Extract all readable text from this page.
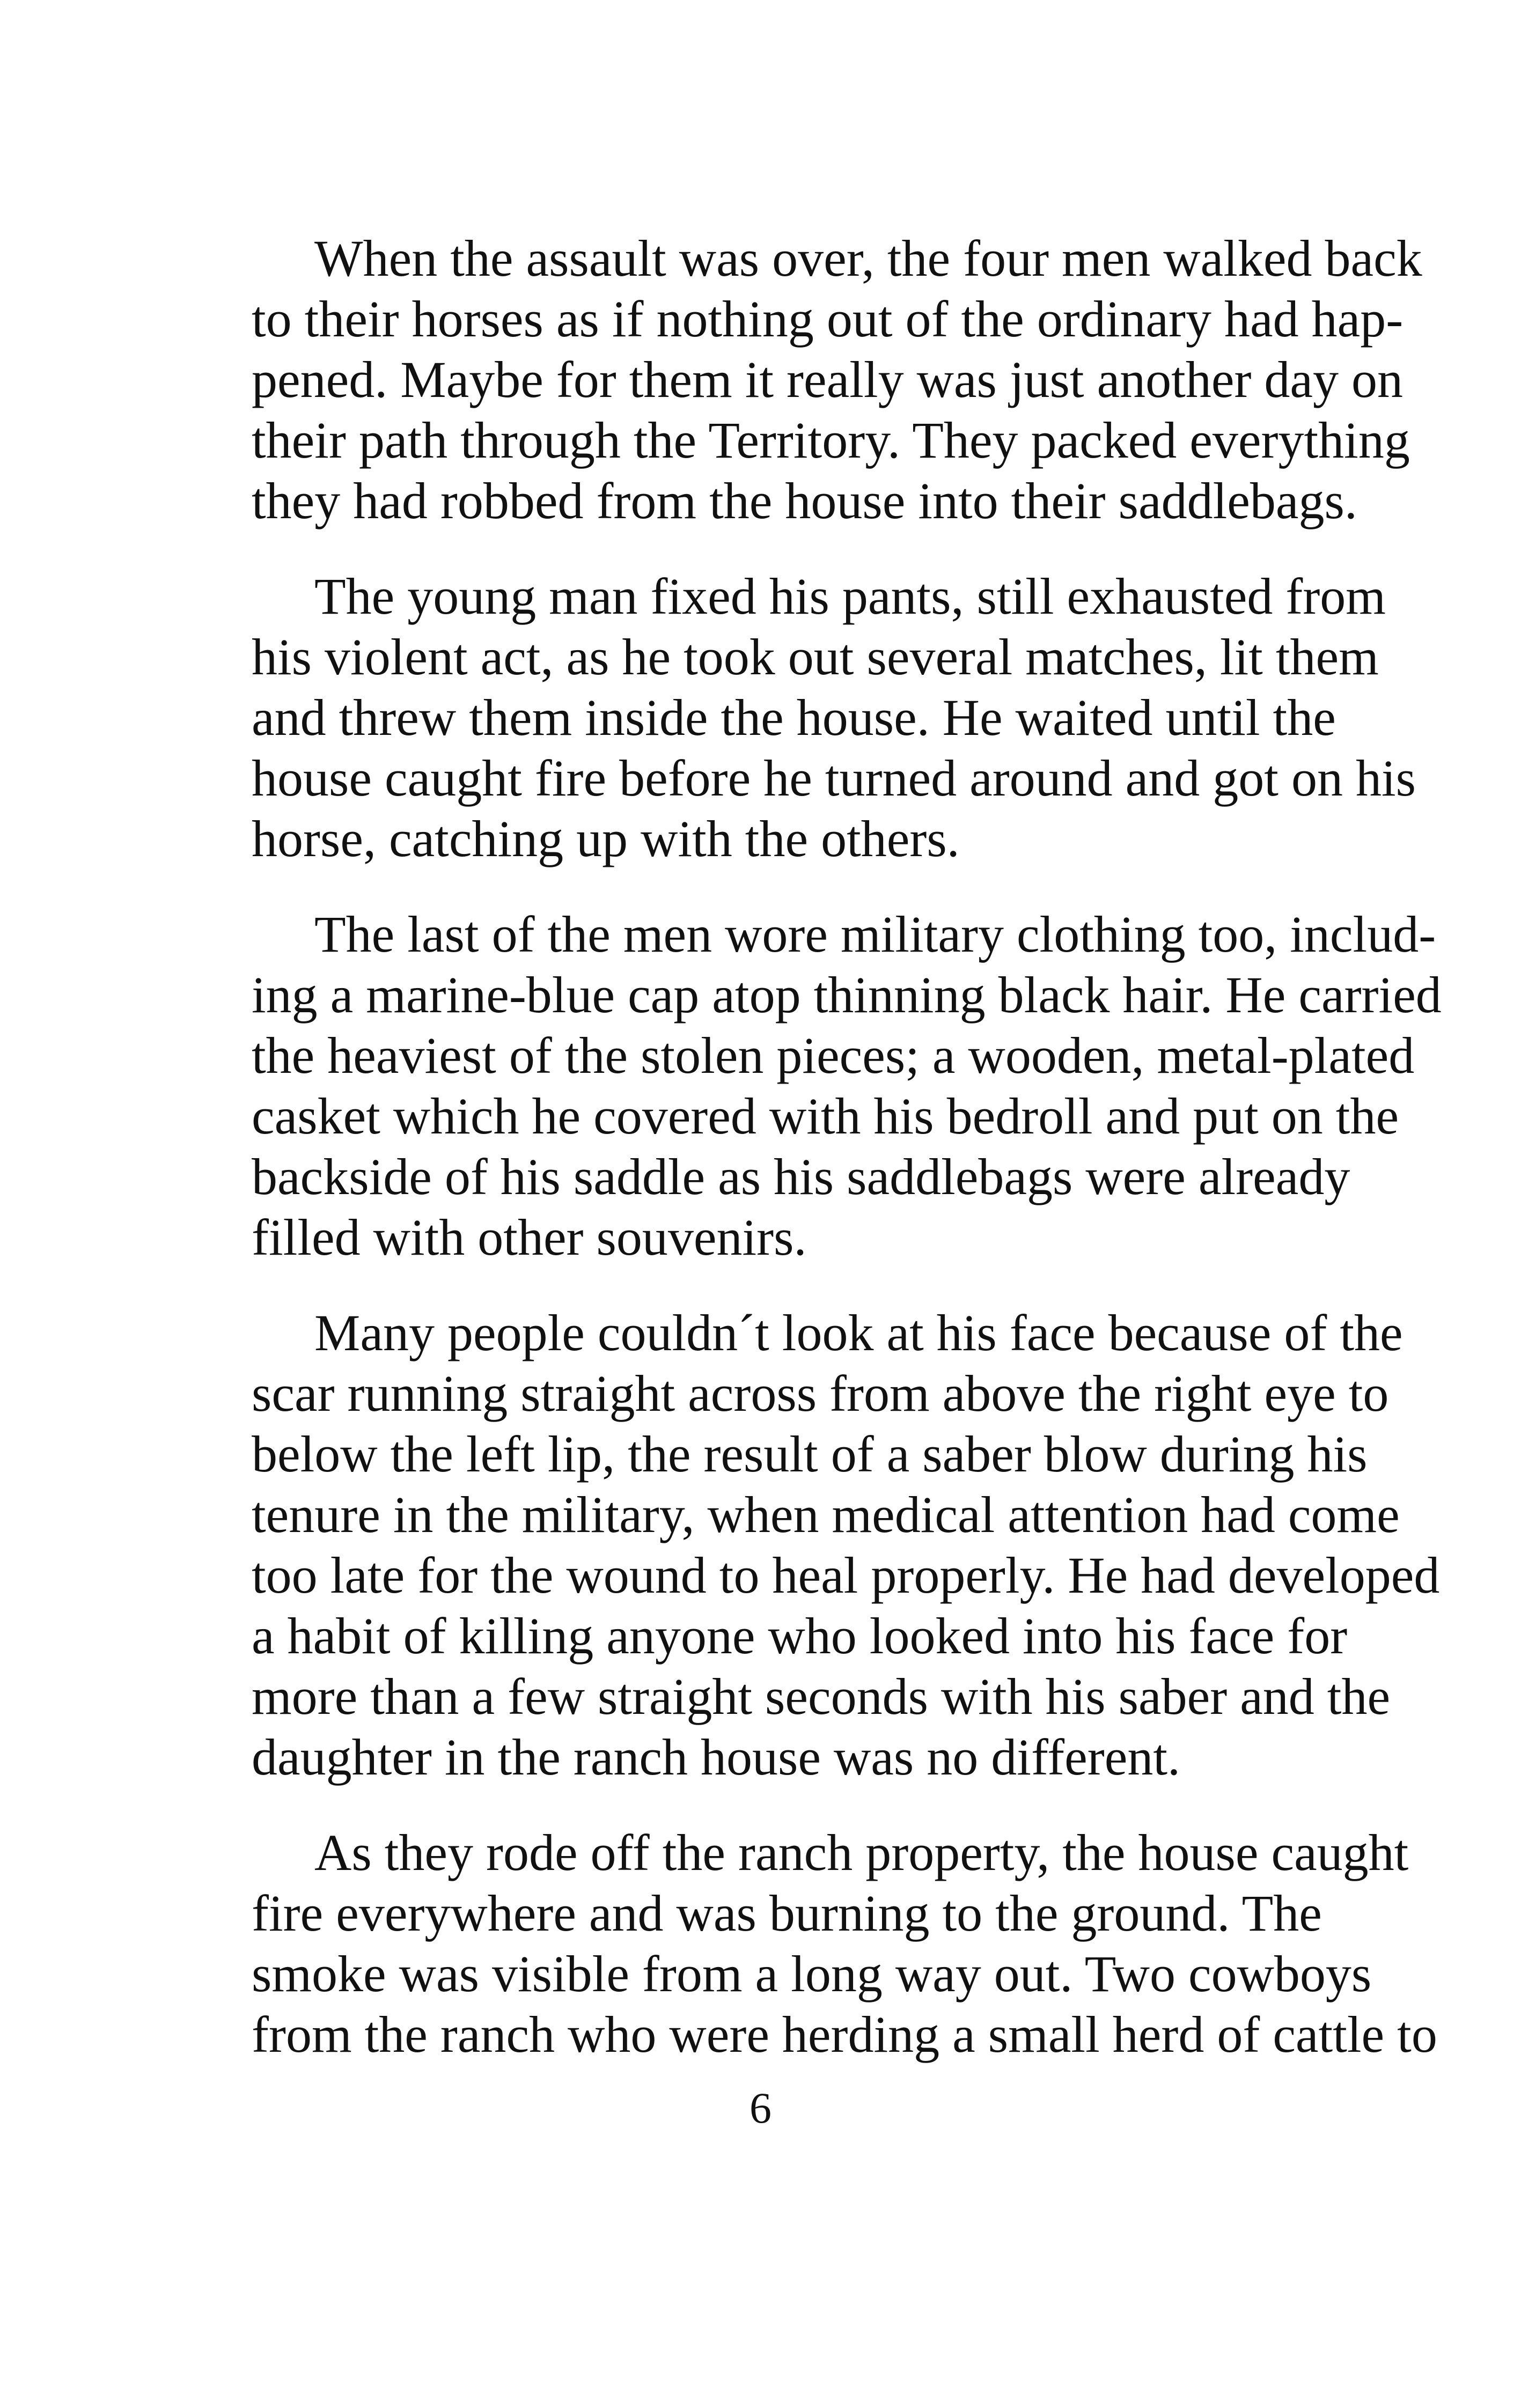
When the assault was over, the four men walked back
to their horses as if nothing out of the ordinary had hap-
pened. Maybe for them it really was just another day on
their path through the Territory. They packed everything
they had robbed from the house into their saddlebags.
The young man fixed his pants, still exhausted from
his violent act, as he took out several matches, lit them
and threw them inside the house. He waited until the
house caught fire before he turned around and got on his
horse, catching up with the others.
The last of the men wore military clothing too, includ-
ing a marine-blue cap atop thinning black hair. He carried
the heaviest of the stolen pieces; a wooden, metal-plated
casket which he covered with his bedroll and put on the
backside of his saddle as his saddlebags were already
filled with other souvenirs.
Many people couldn´t look at his face because of the
scar running straight across from above the right eye to
below the left lip, the result of a saber blow during his
tenure in the military, when medical attention had come
too late for the wound to heal properly. He had developed
a habit of killing anyone who looked into his face for
more than a few straight seconds with his saber and the
daughter in the ranch house was no different.
As they rode off the ranch property, the house caught
fire everywhere and was burning to the ground. The
smoke was visible from a long way out. Two cowboys
from the ranch who were herding a small herd of cattle to
6
